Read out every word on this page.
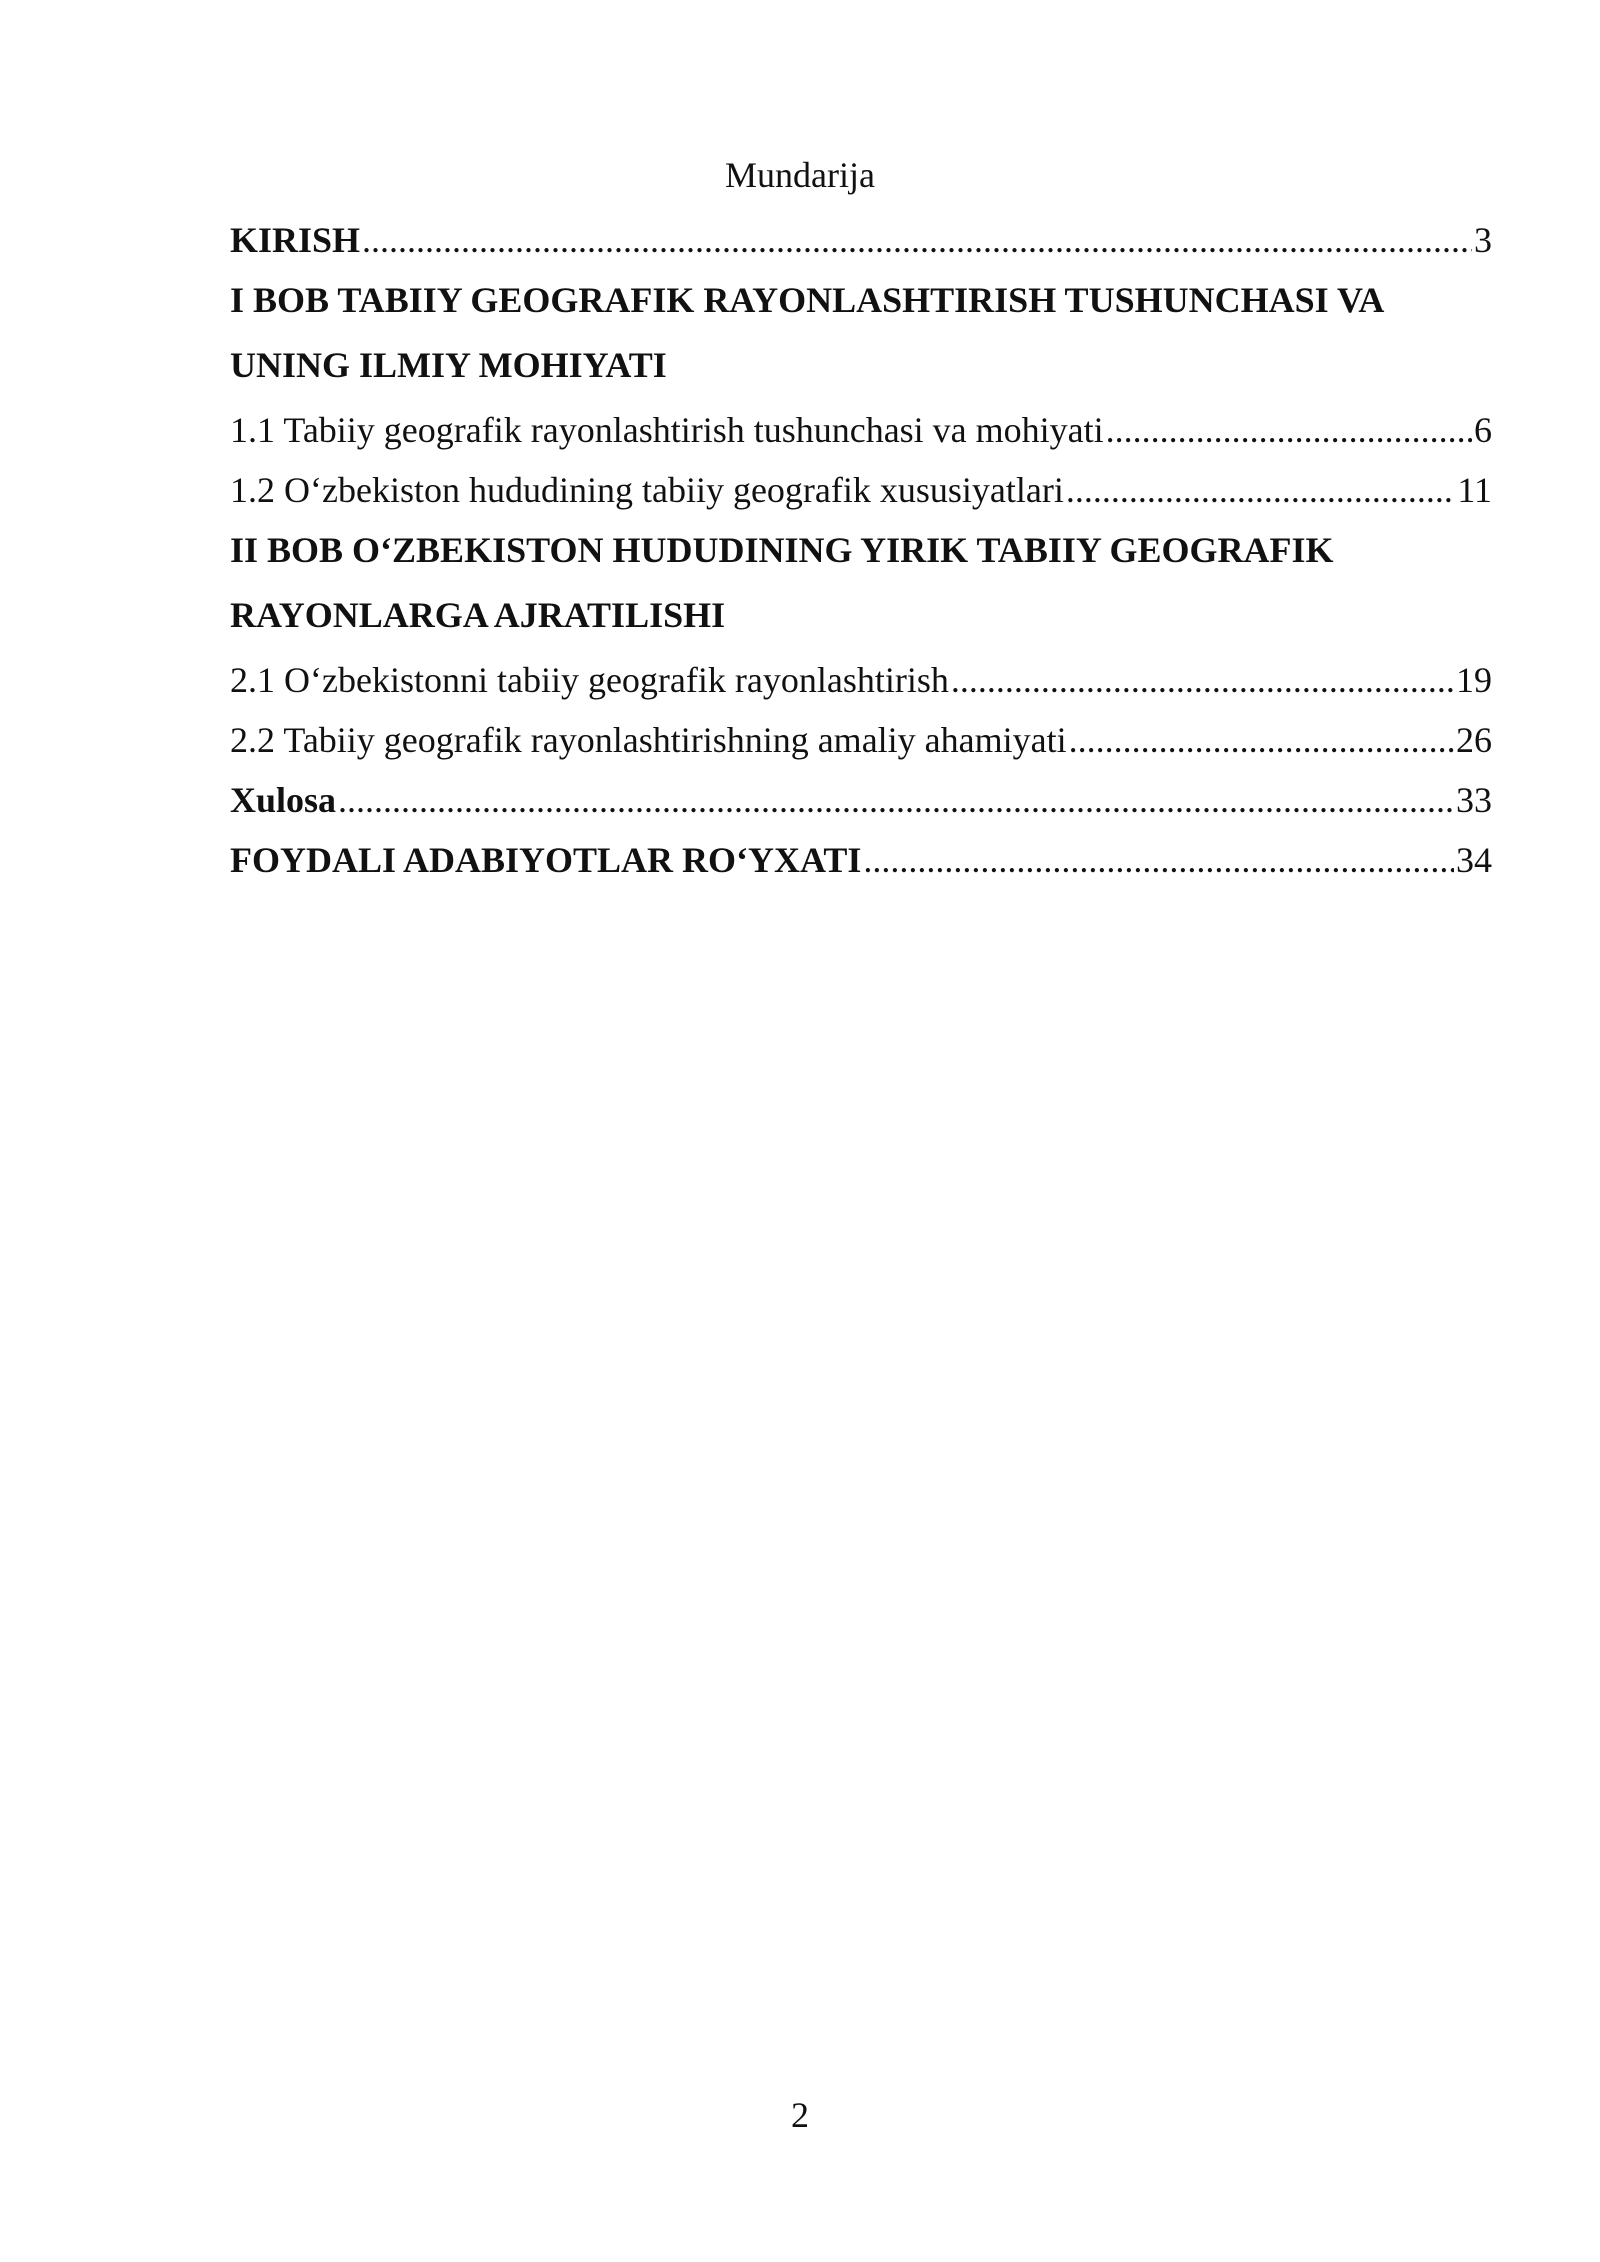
Mundarija
KIRISH .....	3
I BOB TABIIY GEOGRAFIK RAYONLASHTIRISH TUSHUNCHASI VA
UNING ILMIY MOHIYATI
1.1 Tabiiy geografik rayonlashtirish tushunchasi va mohiyati .....	6
1.2 O‘zbekiston hududining tabiiy geografik xususiyatlari .....	11
II BOB O‘ZBEKISTON HUDUDINING YIRIK TABIIY GEOGRAFIK
RAYONLARGA AJRATILISHI
2.1 O‘zbekistonni tabiiy geografik rayonlashtirish .....	19
2.2 Tabiiy geografik rayonlashtirishning amaliy ahamiyati .....	26
Xulosa .....	33
FOYDALI ADABIYOTLAR RO‘YXATI .....	34
2
